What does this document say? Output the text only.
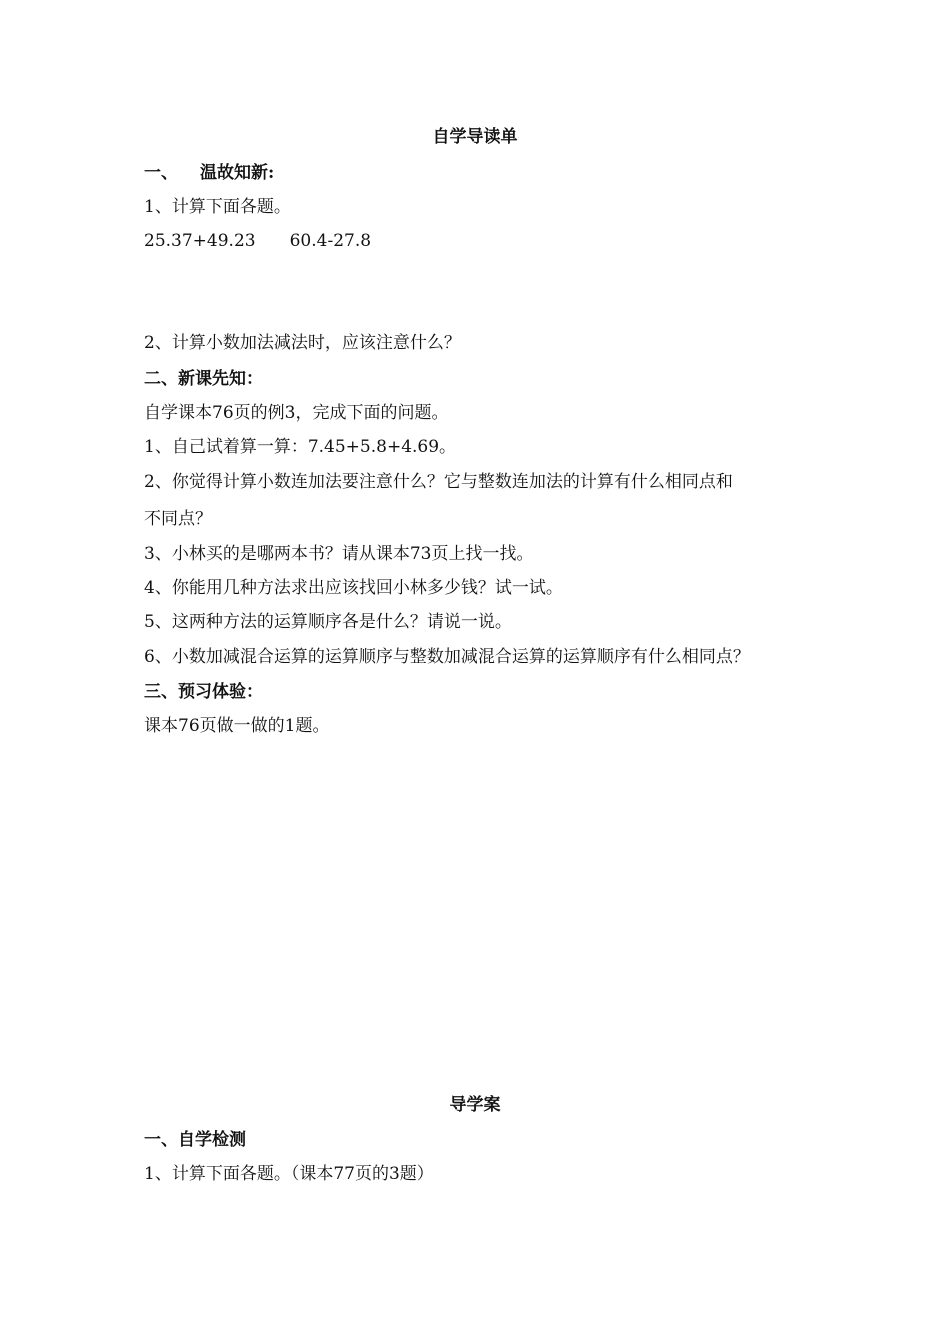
自学导读单
一、 温故知新:
1、计算下面各题。
25.37+49.23 60.4-27.8
2、计算小数加法减法时，应该注意什么？
二、新课先知：
自学课本76页的例3，完成下面的问题。
1、自己试着算一算：7.45+5.8+4.69。
2、你觉得计算小数连加法要注意什么？它与整数连加法的计算有什么相同点和
不同点？
3、小林买的是哪两本书？请从课本73页上找一找。
4、你能用几种方法求出应该找回小林多少钱？试一试。
5、这两种方法的运算顺序各是什么？请说一说。
6、小数加减混合运算的运算顺序与整数加减混合运算的运算顺序有什么相同点？
三、预习体验：
课本76页做一做的1题。
导学案
一、自学检测
1、计算下面各题。（课本77页的3题）
